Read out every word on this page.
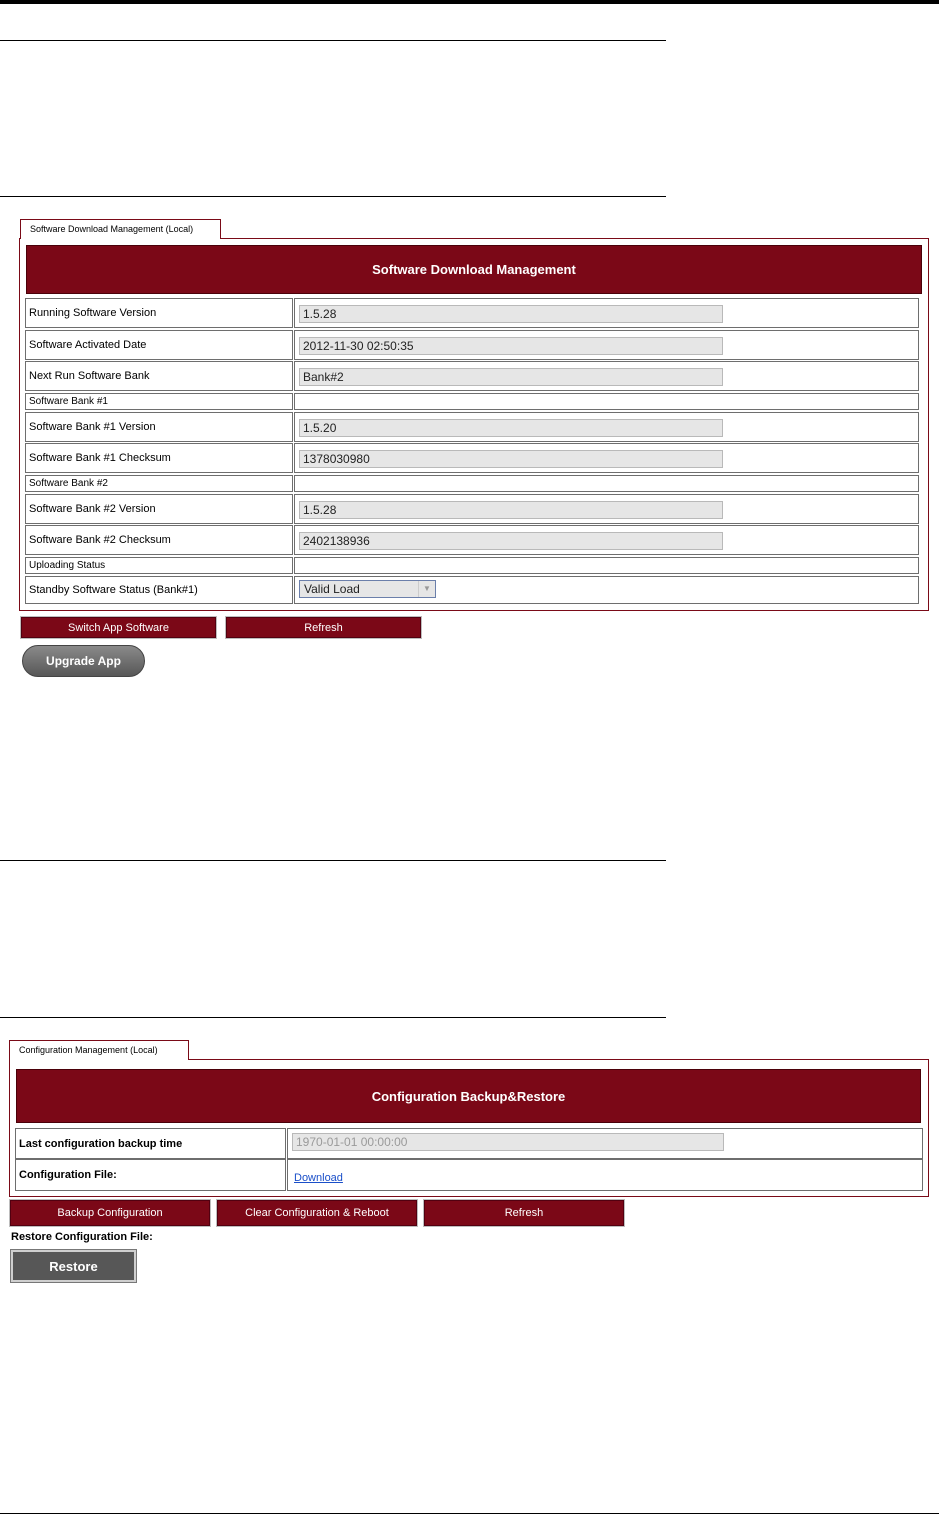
Software Download Management (Local)
Software Download Management
Running Software Version	1.5.28
Software Activated Date	2012-11-30 02:50:35
Next Run Software Bank	Bank#2
Software Bank #1
Software Bank #1 Version	1.5.20
Software Bank #1 Checksum	1378030980
Software Bank #2
Software Bank #2 Version	1.5.28
Software Bank #2 Checksum	2402138936
Uploading Status
Standby Software Status (Bank#1)	Valid Load	▼
Switch App Software	Refresh
Upgrade App
Configuration Management (Local)
Configuration Backup&Restore
Last configuration backup time	1970-01-01 00:00:00
Configuration File:	Download
Backup Configuration	Clear Configuration & Reboot	Refresh
Restore Configuration File:
Restore
